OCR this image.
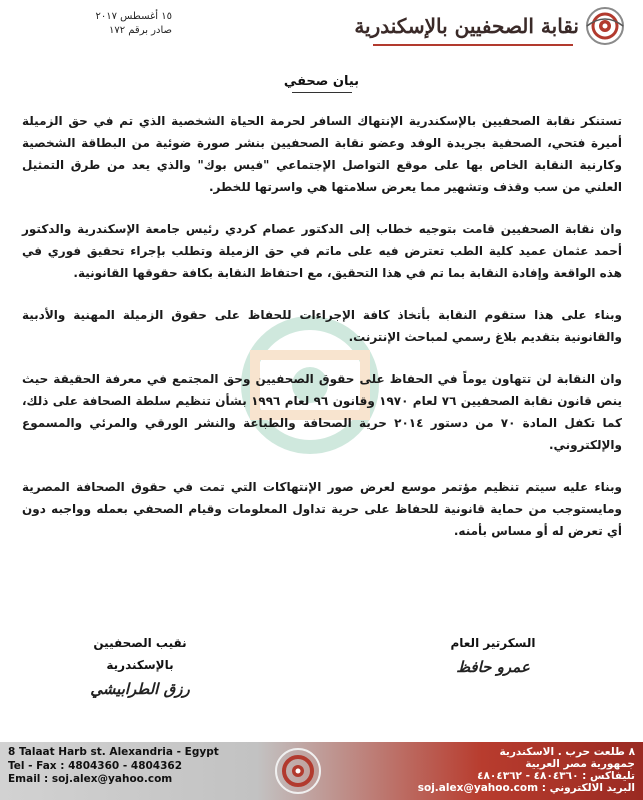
١٥ أغسطس ٢٠١٧
صادر برقم ١٧٢	نقابة الصحفيين بالإسكندرية
بيان صحفي

تستنكر نقابة الصحفيين بالإسكندرية الإنتهاك السافر لحرمة الحياة الشخصية الذي تم في حق الزميلة أميرة فتحي، الصحفية بجريدة الوفد وعضو نقابة الصحفيين بنشر صورة ضوئية من البطاقة الشخصية وكارنية النقابة الخاص بها على موقع التواصل الإجتماعي "فيس بوك" والذي يعد من طرق التمثيل العلني من سب وقذف وتشهير مما يعرض سلامتها هي واسرتها للخطر.

وان نقابة الصحفيين قامت بتوجيه خطاب إلى الدكتور عصام كردي رئيس جامعة الإسكندرية والدكتور أحمد عثمان عميد كلية الطب تعترض فيه على ماتم في حق الزميلة وتطلب بإجراء تحقيق فوري في هذه الواقعة وإفادة النقابة بما تم في هذا التحقيق، مع احتفاظ النقابة بكافة حقوقها القانونية.

وبناء على هذا ستقوم النقابة بأتخاذ كافة الإجراءات للحفاظ على حقوق الزميلة المهنية والأدبية والقانونية بتقديم بلاغ رسمي لمباحث الإنترنت.

وان النقابة لن تتهاون يوماً في الحفاظ على حقوق الصحفيين وحق المجتمع في معرفة الحقيقة حيث ينص قانون نقابة الصحفيين ٧٦ لعام ١٩٧٠ وقانون ٩٦ لعام ١٩٩٦ بشأن تنظيم سلطة الصحافة على ذلك، كما تكفل المادة ٧٠ من دستور ٢٠١٤ حرية الصحافة والطباعة والنشر الورقي والمرئي والمسموع والإلكتروني.

وبناء عليه سيتم تنظيم مؤتمر موسع لعرض صور الإنتهاكات التي تمت في حقوق الصحافة المصرية ومايستوجب من حماية قانونية للحفاظ على حرية تداول المعلومات وقيام الصحفي بعمله وواجبه دون أي تعرض له أو مساس بأمنه.

السكرتير العام
عمرو حافظ
نقيب الصحفيين
بالإسكندرية
رزق الطرابيشي
8 Talaat Harb st. Alexandria - Egypt
Tel - Fax : 4804360 - 4804362
Email : soj.alex@yahoo.com
٨ طلعت حرب . الاسكندرية
جمهورية مصر العربية
تليفاكس : ٤٨٠٤٣٦٠ - ٤٨٠٤٣٦٢
البريد الالكتروني : soj.alex@yahoo.com
